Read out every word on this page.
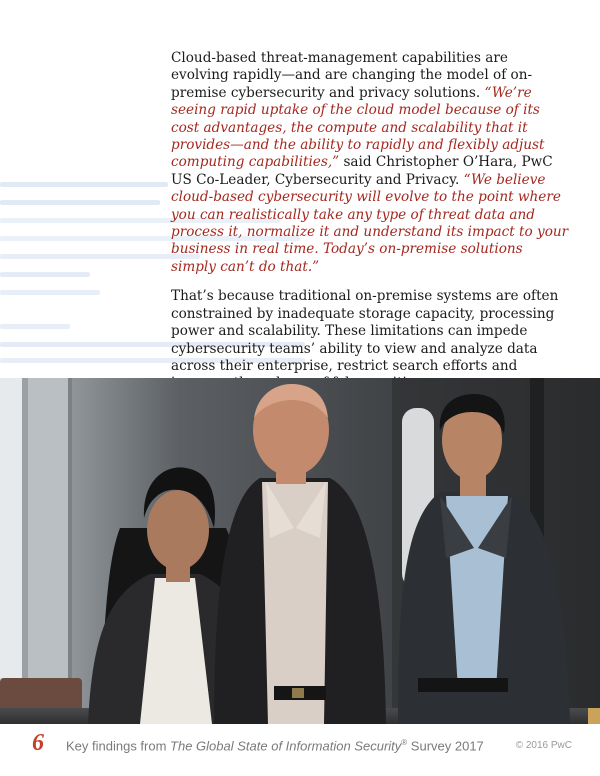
Cloud-based threat-management capabilities are evolving rapidly—and are changing the model of on-premise cybersecurity and privacy solutions. “We’re seeing rapid uptake of the cloud model because of its cost advantages, the compute and scalability that it provides—and the ability to rapidly and flexibly adjust computing capabilities,” said Christopher O’Hara, PwC US Co-Leader, Cybersecurity and Privacy. “We believe cloud-based cybersecurity will evolve to the point where you can realistically take any type of threat data and process it, normalize it and understand its impact to your business in real time. Today’s on-premise solutions simply can’t do that.”

That’s because traditional on-premise systems are often constrained by inadequate storage capacity, processing power and scalability. These limitations can impede cybersecurity teams’ ability to view and analyze data across their enterprise, restrict search efforts and

6 Key findings from The Global State of Information Security® Survey 2017	© 2016 PwC
